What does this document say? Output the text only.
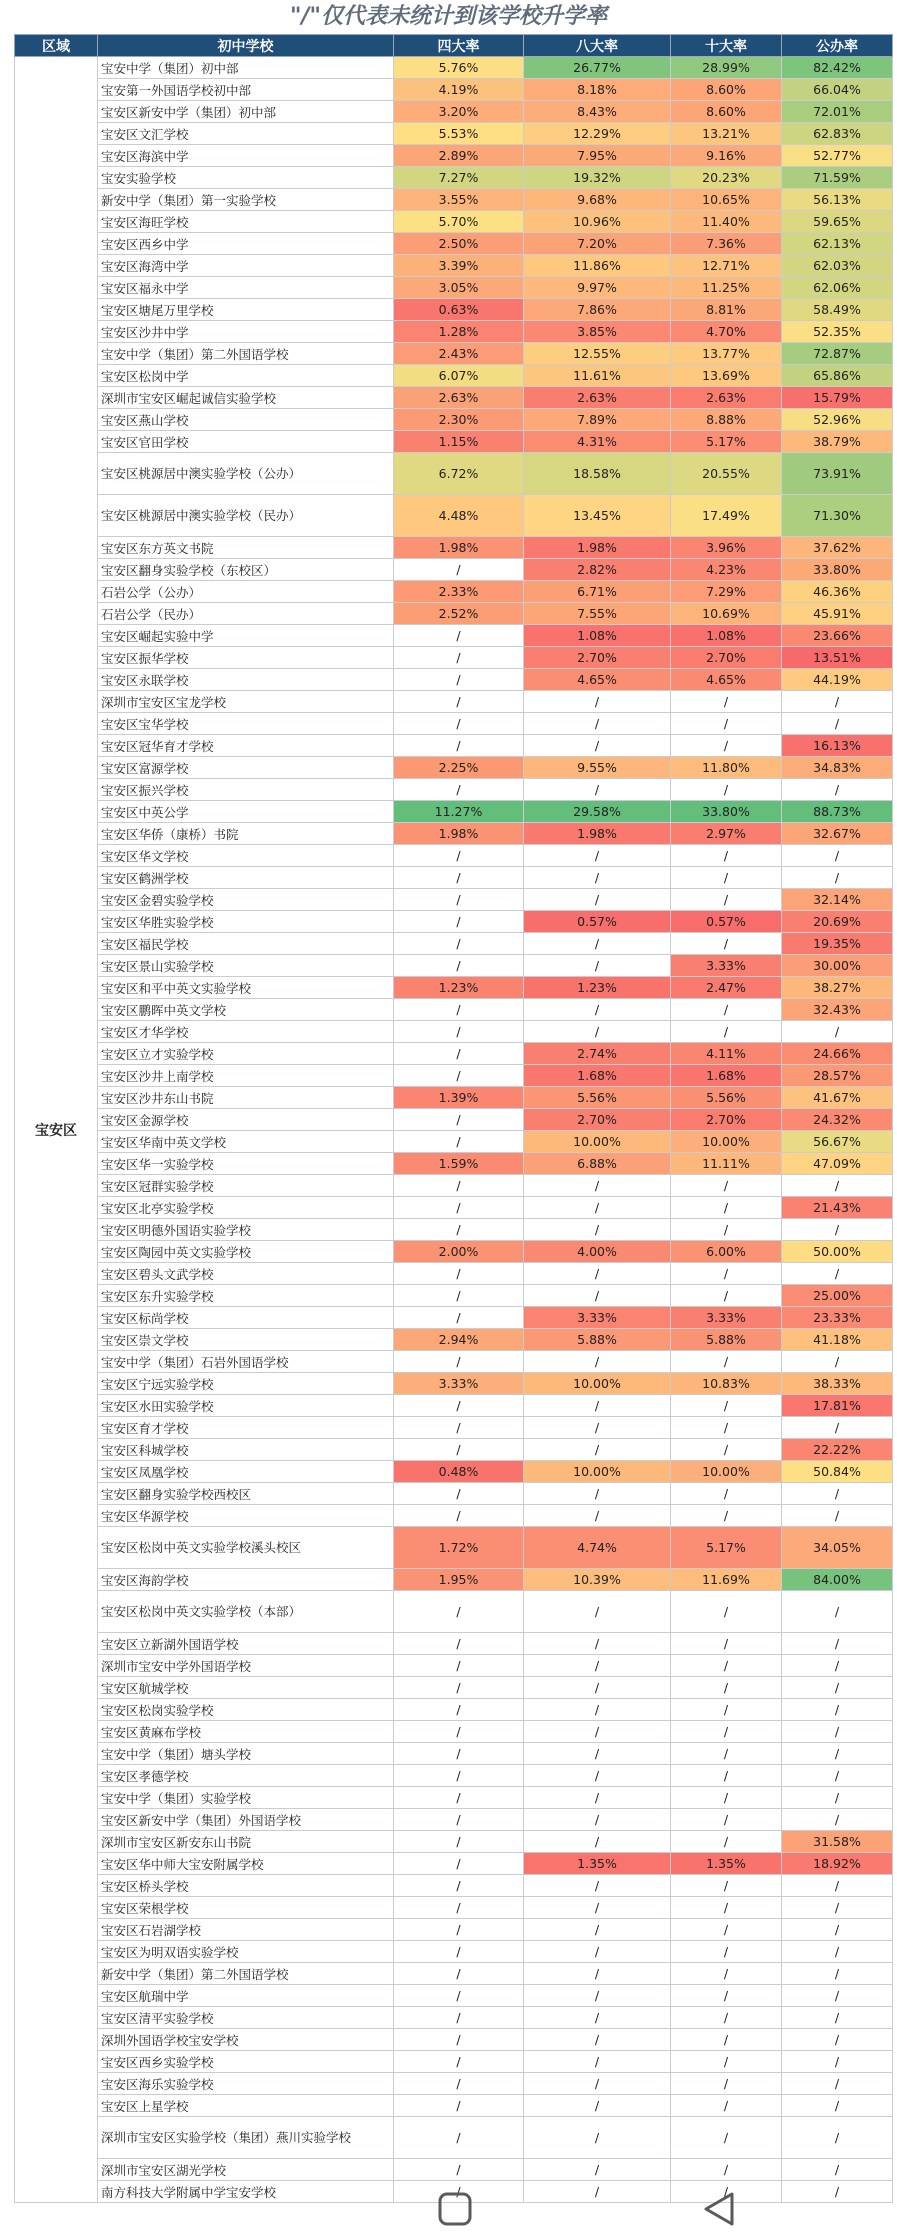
"/"仅代表未统计到该学校升学率
区域	初中学校	四大率	八大率	十大率	公办率
宝安区	宝安中学（集团）初中部	5.76%	26.77%	28.99%	82.42%
	宝安第一外国语学校初中部	4.19%	8.18%	8.60%	66.04%
	宝安区新安中学（集团）初中部	3.20%	8.43%	8.60%	72.01%
	宝安区文汇学校	5.53%	12.29%	13.21%	62.83%
	宝安区海滨中学	2.89%	7.95%	9.16%	52.77%
	宝安实验学校	7.27%	19.32%	20.23%	71.59%
	新安中学（集团）第一实验学校	3.55%	9.68%	10.65%	56.13%
	宝安区海旺学校	5.70%	10.96%	11.40%	59.65%
	宝安区西乡中学	2.50%	7.20%	7.36%	62.13%
	宝安区海湾中学	3.39%	11.86%	12.71%	62.03%
	宝安区福永中学	3.05%	9.97%	11.25%	62.06%
	宝安区塘尾万里学校	0.63%	7.86%	8.81%	58.49%
	宝安区沙井中学	1.28%	3.85%	4.70%	52.35%
	宝安中学（集团）第二外国语学校	2.43%	12.55%	13.77%	72.87%
	宝安区松岗中学	6.07%	11.61%	13.69%	65.86%
	深圳市宝安区崛起诚信实验学校	2.63%	2.63%	2.63%	15.79%
	宝安区燕山学校	2.30%	7.89%	8.88%	52.96%
	宝安区官田学校	1.15%	4.31%	5.17%	38.79%
	宝安区桃源居中澳实验学校（公办）	6.72%	18.58%	20.55%	73.91%
	宝安区桃源居中澳实验学校（民办）	4.48%	13.45%	17.49%	71.30%
	宝安区东方英文书院	1.98%	1.98%	3.96%	37.62%
	宝安区翻身实验学校（东校区）	/	2.82%	4.23%	33.80%
	石岩公学（公办）	2.33%	6.71%	7.29%	46.36%
	石岩公学（民办）	2.52%	7.55%	10.69%	45.91%
	宝安区崛起实验中学	/	1.08%	1.08%	23.66%
	宝安区振华学校	/	2.70%	2.70%	13.51%
	宝安区永联学校	/	4.65%	4.65%	44.19%
	深圳市宝安区宝龙学校	/	/	/	/
	宝安区宝华学校	/	/	/	/
	宝安区冠华育才学校	/	/	/	16.13%
	宝安区富源学校	2.25%	9.55%	11.80%	34.83%
	宝安区振兴学校	/	/	/	/
	宝安区中英公学	11.27%	29.58%	33.80%	88.73%
	宝安区华侨（康桥）书院	1.98%	1.98%	2.97%	32.67%
	宝安区华文学校	/	/	/	/
	宝安区鹤洲学校	/	/	/	/
	宝安区金碧实验学校	/	/	/	32.14%
	宝安区华胜实验学校	/	0.57%	0.57%	20.69%
	宝安区福民学校	/	/	/	19.35%
	宝安区景山实验学校	/	/	3.33%	30.00%
	宝安区和平中英文实验学校	1.23%	1.23%	2.47%	38.27%
	宝安区鹏晖中英文学校	/	/	/	32.43%
	宝安区才华学校	/	/	/	/
	宝安区立才实验学校	/	2.74%	4.11%	24.66%
	宝安区沙井上南学校	/	1.68%	1.68%	28.57%
	宝安区沙井东山书院	1.39%	5.56%	5.56%	41.67%
	宝安区金源学校	/	2.70%	2.70%	24.32%
	宝安区华南中英文学校	/	10.00%	10.00%	56.67%
	宝安区华一实验学校	1.59%	6.88%	11.11%	47.09%
	宝安区冠群实验学校	/	/	/	/
	宝安区北亭实验学校	/	/	/	21.43%
	宝安区明德外国语实验学校	/	/	/	/
	宝安区陶园中英文实验学校	2.00%	4.00%	6.00%	50.00%
	宝安区碧头文武学校	/	/	/	/
	宝安区东升实验学校	/	/	/	25.00%
	宝安区标尚学校	/	3.33%	3.33%	23.33%
	宝安区崇文学校	2.94%	5.88%	5.88%	41.18%
	宝安中学（集团）石岩外国语学校	/	/	/	/
	宝安区宁远实验学校	3.33%	10.00%	10.83%	38.33%
	宝安区水田实验学校	/	/	/	17.81%
	宝安区育才学校	/	/	/	/
	宝安区科城学校	/	/	/	22.22%
	宝安区凤凰学校	0.48%	10.00%	10.00%	50.84%
	宝安区翻身实验学校西校区	/	/	/	/
	宝安区华源学校	/	/	/	/
	宝安区松岗中英文实验学校溪头校区	1.72%	4.74%	5.17%	34.05%
	宝安区海韵学校	1.95%	10.39%	11.69%	84.00%
	宝安区松岗中英文实验学校（本部）	/	/	/	/
	宝安区立新湖外国语学校	/	/	/	/
	深圳市宝安中学外国语学校	/	/	/	/
	宝安区航城学校	/	/	/	/
	宝安区松岗实验学校	/	/	/	/
	宝安区黄麻布学校	/	/	/	/
	宝安中学（集团）塘头学校	/	/	/	/
	宝安区孝德学校	/	/	/	/
	宝安中学（集团）实验学校	/	/	/	/
	宝安区新安中学（集团）外国语学校	/	/	/	/
	深圳市宝安区新安东山书院	/	/	/	31.58%
	宝安区华中师大宝安附属学校	/	1.35%	1.35%	18.92%
	宝安区桥头学校	/	/	/	/
	宝安区荣根学校	/	/	/	/
	宝安区石岩湖学校	/	/	/	/
	宝安区为明双语实验学校	/	/	/	/
	新安中学（集团）第二外国语学校	/	/	/	/
	宝安区航瑞中学	/	/	/	/
	宝安区清平实验学校	/	/	/	/
	深圳外国语学校宝安学校	/	/	/	/
	宝安区西乡实验学校	/	/	/	/
	宝安区海乐实验学校	/	/	/	/
	宝安区上星学校	/	/	/	/
	深圳市宝安区实验学校（集团）燕川实验学校	/	/	/	/
	深圳市宝安区湖光学校	/	/	/	/
	南方科技大学附属中学宝安学校	/	/	/	/
